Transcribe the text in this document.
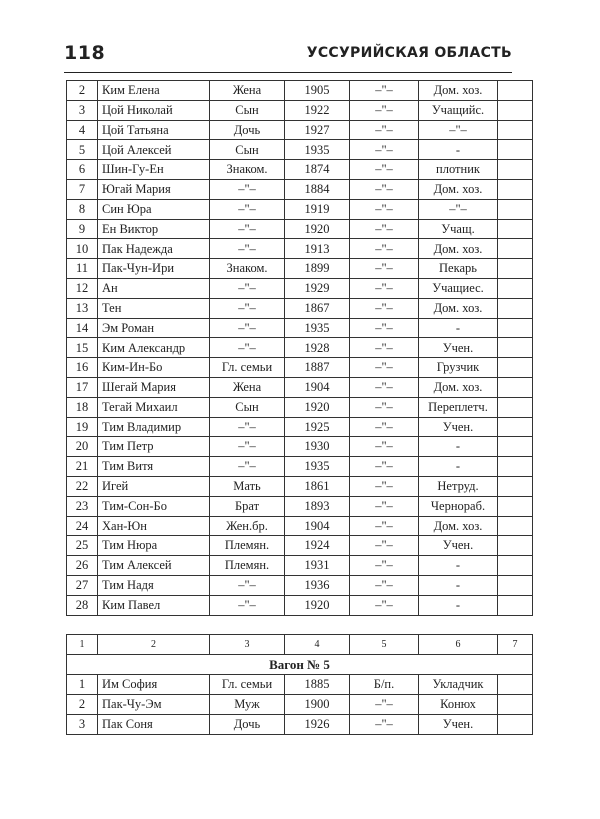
118	УССУРИЙСКАЯ ОБЛАСТЬ
2	Ким Елена	Жена	1905	–"–	Дом. хоз.	
3	Цой Николай	Сын	1922	–"–	Учащийс.	
4	Цой Татьяна	Дочь	1927	–"–	–"–	
5	Цой Алексей	Сын	1935	–"–	-	
6	Шин-Гу-Ен	Знаком.	1874	–"–	плотник	
7	Югай Мария	–"–	1884	–"–	Дом. хоз.	
8	Син Юра	–"–	1919	–"–	–"–	
9	Ен Виктор	–"–	1920	–"–	Учащ.	
10	Пак Надежда	–"–	1913	–"–	Дом. хоз.	
11	Пак-Чун-Ири	Знаком.	1899	–"–	Пекарь	
12	Ан	–"–	1929	–"–	Учащиес.	
13	Тен	–"–	1867	–"–	Дом. хоз.	
14	Эм Роман	–"–	1935	–"–	-	
15	Ким Александр	–"–	1928	–"–	Учен.	
16	Ким-Ин-Бо	Гл. семьи	1887	–"–	Грузчик	
17	Шегай Мария	Жена	1904	–"–	Дом. хоз.	
18	Тегай Михаил	Сын	1920	–"–	Переплетч.	
19	Тим Владимир	–"–	1925	–"–	Учен.	
20	Тим Петр	–"–	1930	–"–	-	
21	Тим Витя	–"–	1935	–"–	-	
22	Игей	Мать	1861	–"–	Нетруд.	
23	Тим-Сон-Бо	Брат	1893	–"–	Чернораб.	
24	Хан-Юн	Жен.бр.	1904	–"–	Дом. хоз.	
25	Тим Нюра	Племян.	1924	–"–	Учен.	
26	Тим Алексей	Племян.	1931	–"–	-	
27	Тим Надя	–"–	1936	–"–	-	
28	Ким Павел	–"–	1920	–"–	-	
1	2	3	4	5	6	7
Вагон № 5						
1	Им София	Гл. семьи	1885	Б/п.	Укладчик	
2	Пак-Чу-Эм	Муж	1900	–"–	Конюх	
3	Пак Соня	Дочь	1926	–"–	Учен.	
